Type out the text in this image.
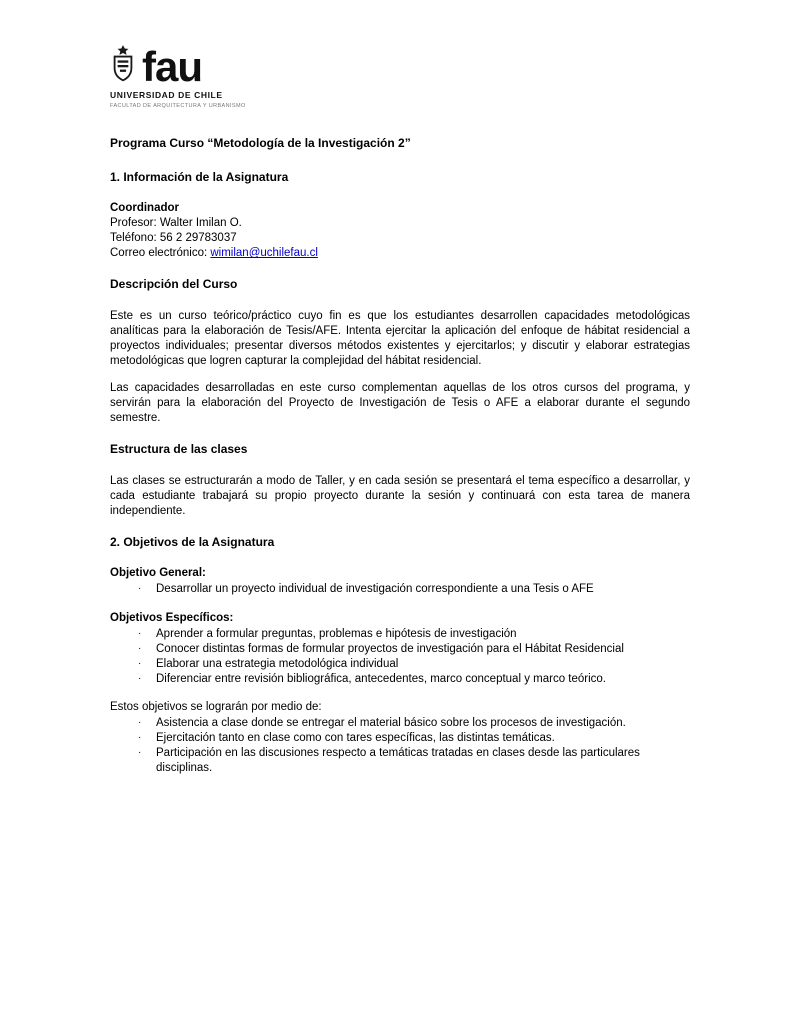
fau
UNIVERSIDAD DE CHILE
FACULTAD DE ARQUITECTURA Y URBANISMO
Programa Curso “Metodología de la Investigación 2”
1. Información de la Asignatura
Coordinador
Profesor: Walter Imilan O.
Teléfono: 56 2 29783037
Correo electrónico: wimilan@uchilefau.cl
Descripción del Curso
Este es un curso teórico/práctico cuyo fin es que los estudiantes desarrollen capacidades metodológicas analíticas para la elaboración de Tesis/AFE. Intenta ejercitar la aplicación del enfoque de hábitat residencial a proyectos individuales; presentar diversos métodos existentes y ejercitarlos; y discutir y elaborar estrategias metodológicas que logren capturar la complejidad del hábitat residencial.
Las capacidades desarrolladas en este curso complementan aquellas de los otros cursos del programa, y servirán para la elaboración del Proyecto de Investigación de Tesis o AFE a elaborar durante el segundo semestre.
Estructura de las clases
Las clases se estructurarán a modo de Taller, y en cada sesión se presentará el tema específico a desarrollar, y cada estudiante trabajará su propio proyecto durante la sesión y continuará con esta tarea de manera independiente.
2. Objetivos de la Asignatura
Objetivo General:
·	Desarrollar un proyecto individual de investigación correspondiente a una Tesis o AFE
Objetivos Específicos:
·	Aprender a formular preguntas, problemas e hipótesis de investigación
·	Conocer distintas formas de formular proyectos de investigación para el Hábitat Residencial
·	Elaborar una estrategia metodológica individual
·	Diferenciar entre revisión bibliográfica, antecedentes, marco conceptual y marco teórico.
Estos objetivos se lograrán por medio de:
·	Asistencia a clase donde se entregar el material básico sobre los procesos de investigación.
·	Ejercitación tanto en clase como con tares específicas, las distintas temáticas.
·	Participación en las discusiones respecto a temáticas tratadas en clases desde las particulares disciplinas.
